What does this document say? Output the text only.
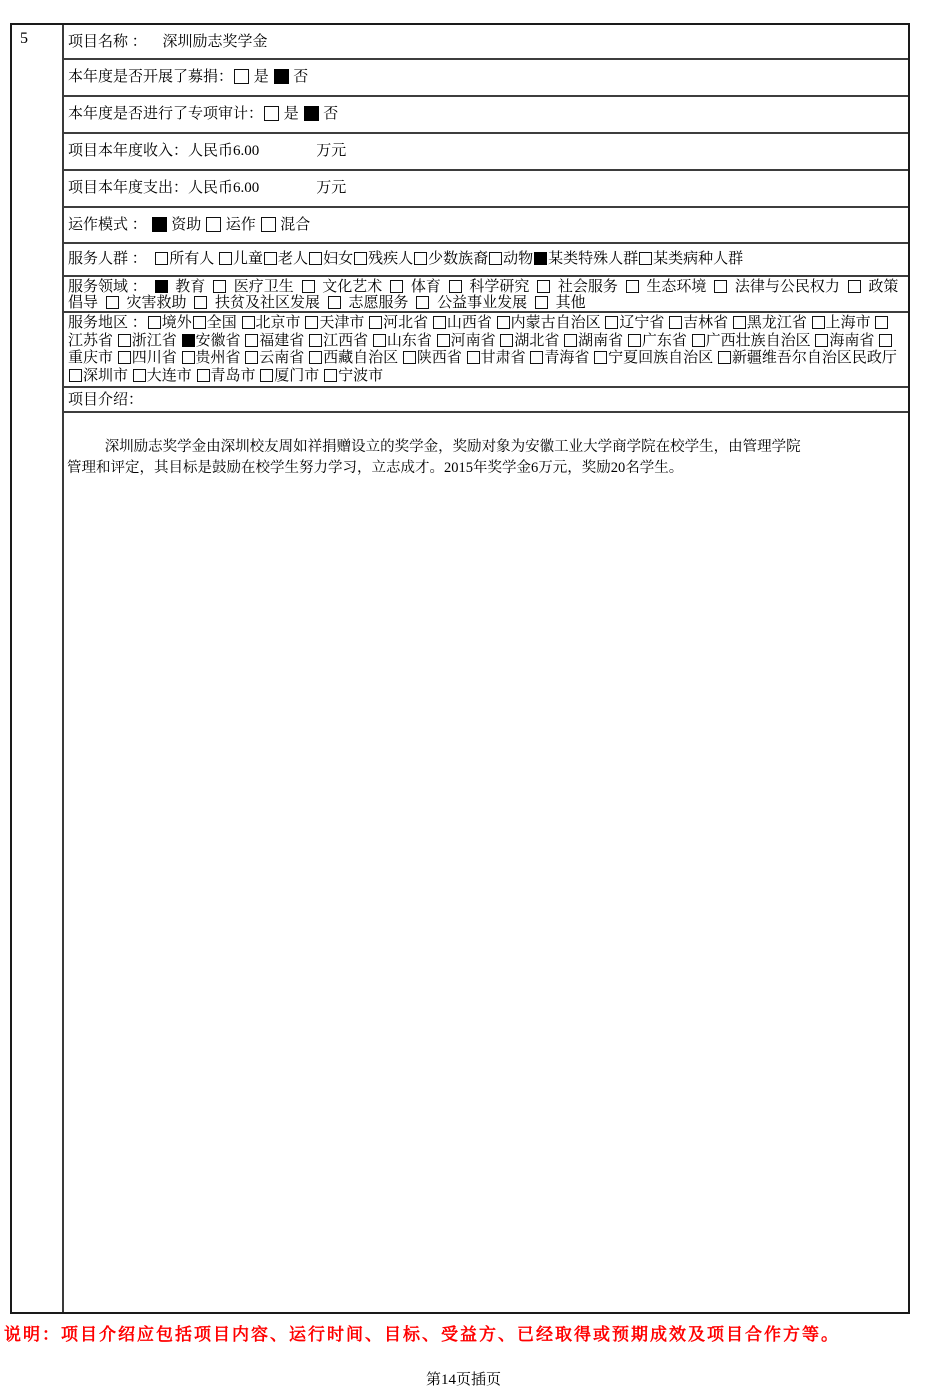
5	项目名称 ： 深圳励志奖学金
本年度是否开展了募捐： 是  否
本年度是否进行了专项审计： 是  否
项目本年度收入：人民币6.00	万元
项目本年度支出：人民币6.00	万元
运作模式 ：  资助  运作  混合
服务人群 ： 所有人 儿童 老人 妇女 残疾人 少数族裔 动物 某类特殊人群 某类病种人群
服务领域 ：  教育  医疗卫生  文化艺术  体育  科学研究  社会服务  生态环境  法律与公民权力  政策倡导  灾害救助  扶贫及社区发展  志愿服务  公益事业发展  其他
服务地区 ： 境外 全国 北京市 天津市 河北省 山西省 内蒙古自治区 辽宁省 吉林省 黑龙江省 上海市 江苏省 浙江省 安徽省 福建省 江西省 山东省 河南省 湖北省 湖南省 广东省 广西壮族自治区 海南省 重庆市 四川省 贵州省 云南省 西藏自治区 陕西省 甘肃省 青海省 宁夏回族自治区 新疆维吾尔自治区民政厅 深圳市 大连市 青岛市 厦门市 宁波市
项目介绍：
深圳励志奖学金由深圳校友周如祥捐赠设立的奖学金，奖励对象为安徽工业大学商学院在校学生，由管理学院
管理和评定，其目标是鼓励在校学生努力学习，立志成才。2015年奖学金6万元，奖励20名学生。
说明：项目介绍应包括项目内容、运行时间、目标、受益方、已经取得或预期成效及项目合作方等。
第14页插页
